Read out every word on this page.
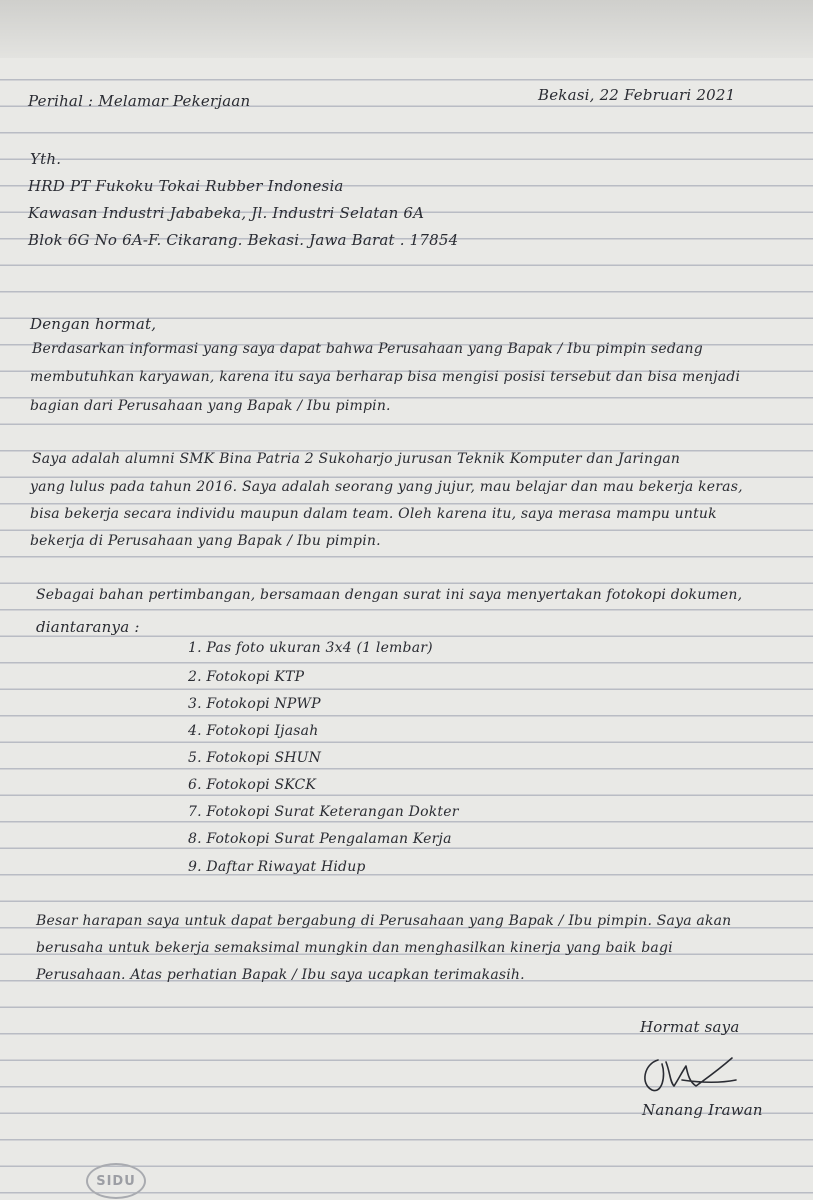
Perihal : Melamar Pekerjaan	Bekasi, 22 Februari 2021

Yth.

HRD PT Fukoku Tokai Rubber Indonesia

Kawasan Industri Jababeka, Jl. Industri Selatan 6A

Blok 6G No 6A-F. Cikarang. Bekasi. Jawa Barat . 17854

Dengan hormat,

Berdasarkan informasi yang saya dapat bahwa Perusahaan yang Bapak / Ibu pimpin sedang

membutuhkan karyawan, karena itu saya berharap bisa mengisi posisi tersebut dan bisa menjadi

bagian dari Perusahaan yang Bapak / Ibu pimpin.

Saya adalah alumni SMK Bina Patria 2 Sukoharjo jurusan Teknik Komputer dan Jaringan

yang lulus pada tahun 2016. Saya adalah seorang yang jujur, mau belajar dan mau bekerja keras,

bisa bekerja secara individu maupun dalam team. Oleh karena itu, saya merasa mampu untuk

bekerja di Perusahaan yang Bapak / Ibu pimpin.

Sebagai bahan pertimbangan, bersamaan dengan surat ini saya menyertakan fotokopi dokumen,

diantaranya :

1. Pas foto ukuran 3x4 (1 lembar)

2. Fotokopi KTP

3. Fotokopi NPWP

4. Fotokopi Ijasah

5. Fotokopi SHUN

6. Fotokopi SKCK

7. Fotokopi Surat Keterangan Dokter

8. Fotokopi Surat Pengalaman Kerja

9. Daftar Riwayat Hidup

Besar harapan saya untuk dapat bergabung di Perusahaan yang Bapak / Ibu pimpin. Saya akan

berusaha untuk bekerja semaksimal mungkin dan menghasilkan kinerja yang baik bagi

Perusahaan. Atas perhatian Bapak / Ibu saya ucapkan terimakasih.

Hormat saya

Nanang Irawan

SIDU
